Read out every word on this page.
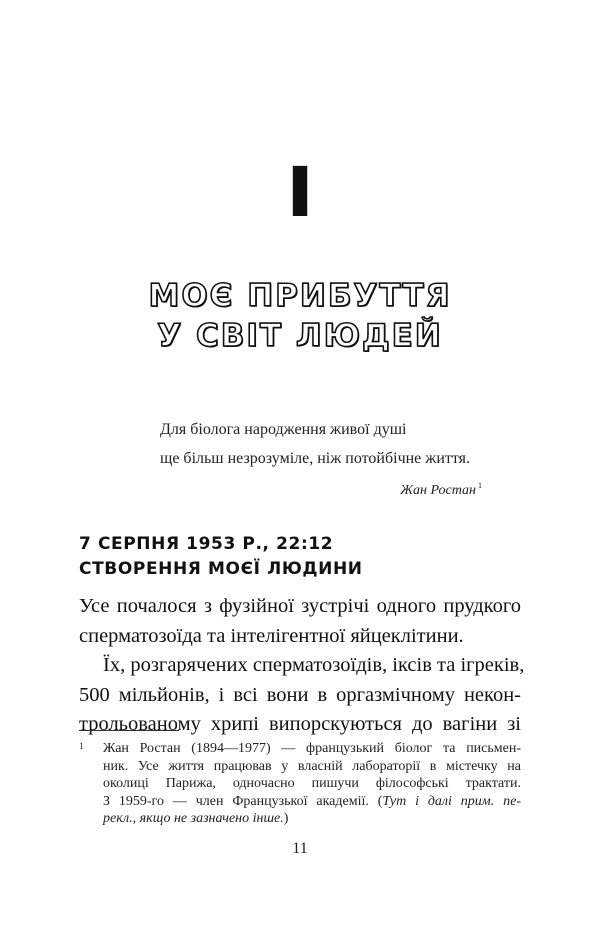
I
МОЄ ПРИБУТТЯ
У СВІТ ЛЮДЕЙ
Для біолога народження живої душі
ще більш незрозуміле, ніж потойбічне життя.
Жан Ростан $^1$
7 СЕРПНЯ 1953 Р., 22:12
СТВОРЕННЯ МОЄЇ ЛЮДИНИ
Усе почалося з фузійної зустрічі одного прудкого
сперматозоїда та інтелігентної яйцеклітини.
Їх, розгарячених сперматозоїдів, іксів та ігреків,
500 мільйонів, і всі вони в оргазмічному некон-
трольованому хрипі випорскуються до вагіни зі
1 Жан Ростан (1894—1977) — французький біолог та письмен-
ник. Усе життя працював у власній лабораторії в містечку на
околиці Парижа, одночасно пишучи філософські трактати.
З 1959-го — член Французької академії. (Тут і далі прим. пе-
рекл., якщо не зазначено інше.)
11
